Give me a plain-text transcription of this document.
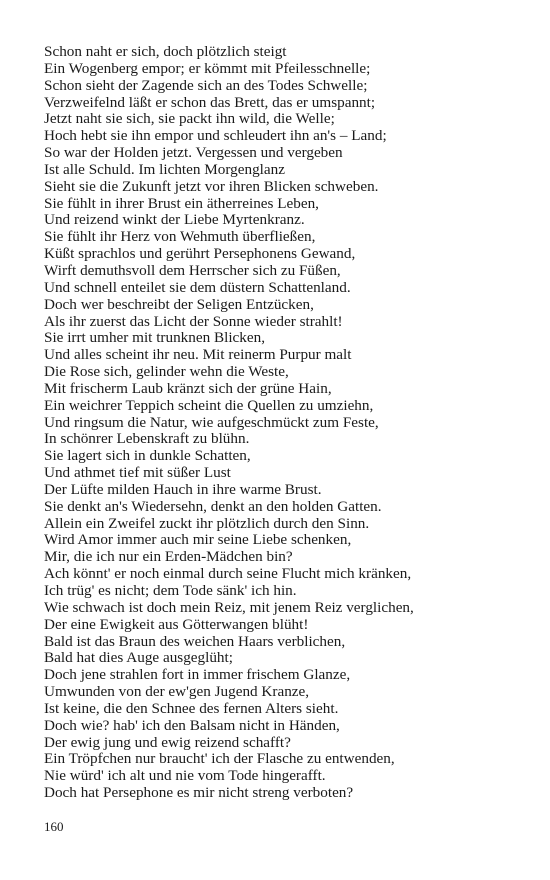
Schon naht er sich, doch plötzlich steigt
Ein Wogenberg empor; er kömmt mit Pfeilesschnelle;
Schon sieht der Zagende sich an des Todes Schwelle;
Verzweifelnd läßt er schon das Brett, das er umspannt;
Jetzt naht sie sich, sie packt ihn wild, die Welle;
Hoch hebt sie ihn empor und schleudert ihn an's – Land;
So war der Holden jetzt. Vergessen und vergeben
Ist alle Schuld. Im lichten Morgenglanz
Sieht sie die Zukunft jetzt vor ihren Blicken schweben.
Sie fühlt in ihrer Brust ein ätherreines Leben,
Und reizend winkt der Liebe Myrtenkranz.
Sie fühlt ihr Herz von Wehmuth überfließen,
Küßt sprachlos und gerührt Persephonens Gewand,
Wirft demuthsvoll dem Herrscher sich zu Füßen,
Und schnell enteilet sie dem düstern Schattenland.
Doch wer beschreibt der Seligen Entzücken,
Als ihr zuerst das Licht der Sonne wieder strahlt!
Sie irrt umher mit trunknen Blicken,
Und alles scheint ihr neu. Mit reinerm Purpur malt
Die Rose sich, gelinder wehn die Weste,
Mit frischerm Laub kränzt sich der grüne Hain,
Ein weichrer Teppich scheint die Quellen zu umziehn,
Und ringsum die Natur, wie aufgeschmückt zum Feste,
In schönrer Lebenskraft zu blühn.
Sie lagert sich in dunkle Schatten,
Und athmet tief mit süßer Lust
Der Lüfte milden Hauch in ihre warme Brust.
Sie denkt an's Wiedersehn, denkt an den holden Gatten.
Allein ein Zweifel zuckt ihr plötzlich durch den Sinn.
Wird Amor immer auch mir seine Liebe schenken,
Mir, die ich nur ein Erden-Mädchen bin?
Ach könnt' er noch einmal durch seine Flucht mich kränken,
Ich trüg' es nicht; dem Tode sänk' ich hin.
Wie schwach ist doch mein Reiz, mit jenem Reiz verglichen,
Der eine Ewigkeit aus Götterwangen blüht!
Bald ist das Braun des weichen Haars verblichen,
Bald hat dies Auge ausgeglüht;
Doch jene strahlen fort in immer frischem Glanze,
Umwunden von der ew'gen Jugend Kranze,
Ist keine, die den Schnee des fernen Alters sieht.
Doch wie? hab' ich den Balsam nicht in Händen,
Der ewig jung und ewig reizend schafft?
Ein Tröpfchen nur braucht' ich der Flasche zu entwenden,
Nie würd' ich alt und nie vom Tode hingerafft.
Doch hat Persephone es mir nicht streng verboten?
160
